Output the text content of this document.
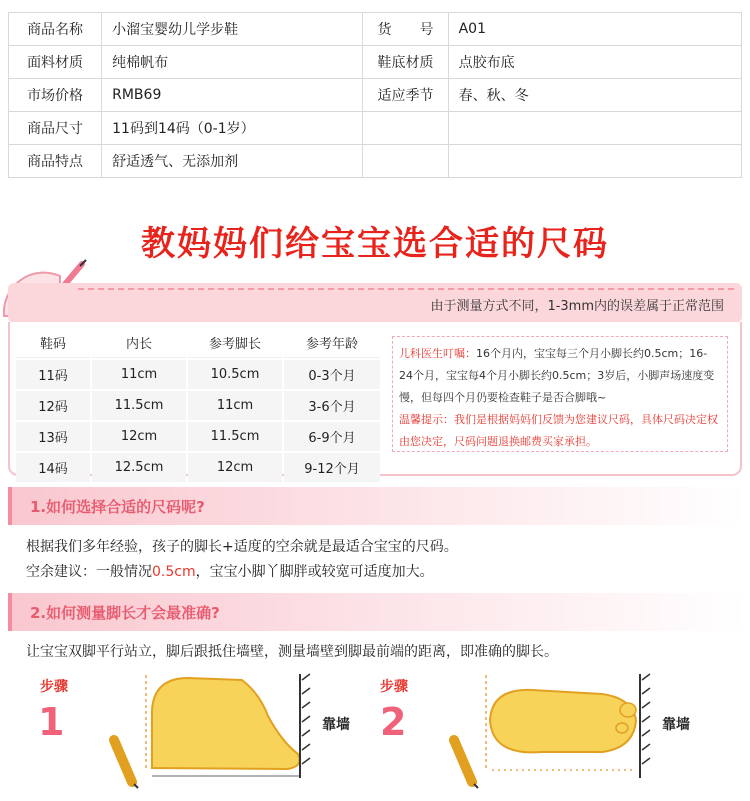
商品名称	小溜宝婴幼儿学步鞋	货　　号	A01
面料材质	纯棉帆布	鞋底材质	点胶布底
市场价格	RMB69	适应季节	春、秋、冬
商品尺寸	11码到14码（0-1岁）		
商品特点	舒适透气、无添加剂		
教妈妈们给宝宝选合适的尺码
由于测量方式不同，1-3mm内的误差属于正常范围
鞋码	内长	参考脚长	参考年龄
11码	11cm	10.5cm	0-3个月
12码	11.5cm	11cm	3-6个月
13码	12cm	11.5cm	6-9个月
14码	12.5cm	12cm	9-12个月
儿科医生叮嘱：16个月内，宝宝每三个月小脚长约0.5cm；16-24个月，宝宝每4个月小脚长约0.5cm；3岁后，小脚声场速度变慢，但每四个月仍要检查鞋子是否合脚哦~
温馨提示：我们是根据妈妈们反馈为您建议尺码，具体尺码决定权由您决定，尺码问题退换邮费买家承担。
1.如何选择合适的尺码呢?
根据我们多年经验，孩子的脚长+适度的空余就是最适合宝宝的尺码。
空余建议：一般情况0.5cm，宝宝小脚丫脚胖或较宽可适度加大。
2.如何测量脚长才会最准确?
让宝宝双脚平行站立，脚后跟抵住墙壁，测量墙壁到脚最前端的距离，即准确的脚长。
步骤
1	靠墙
步骤
2	靠墙
